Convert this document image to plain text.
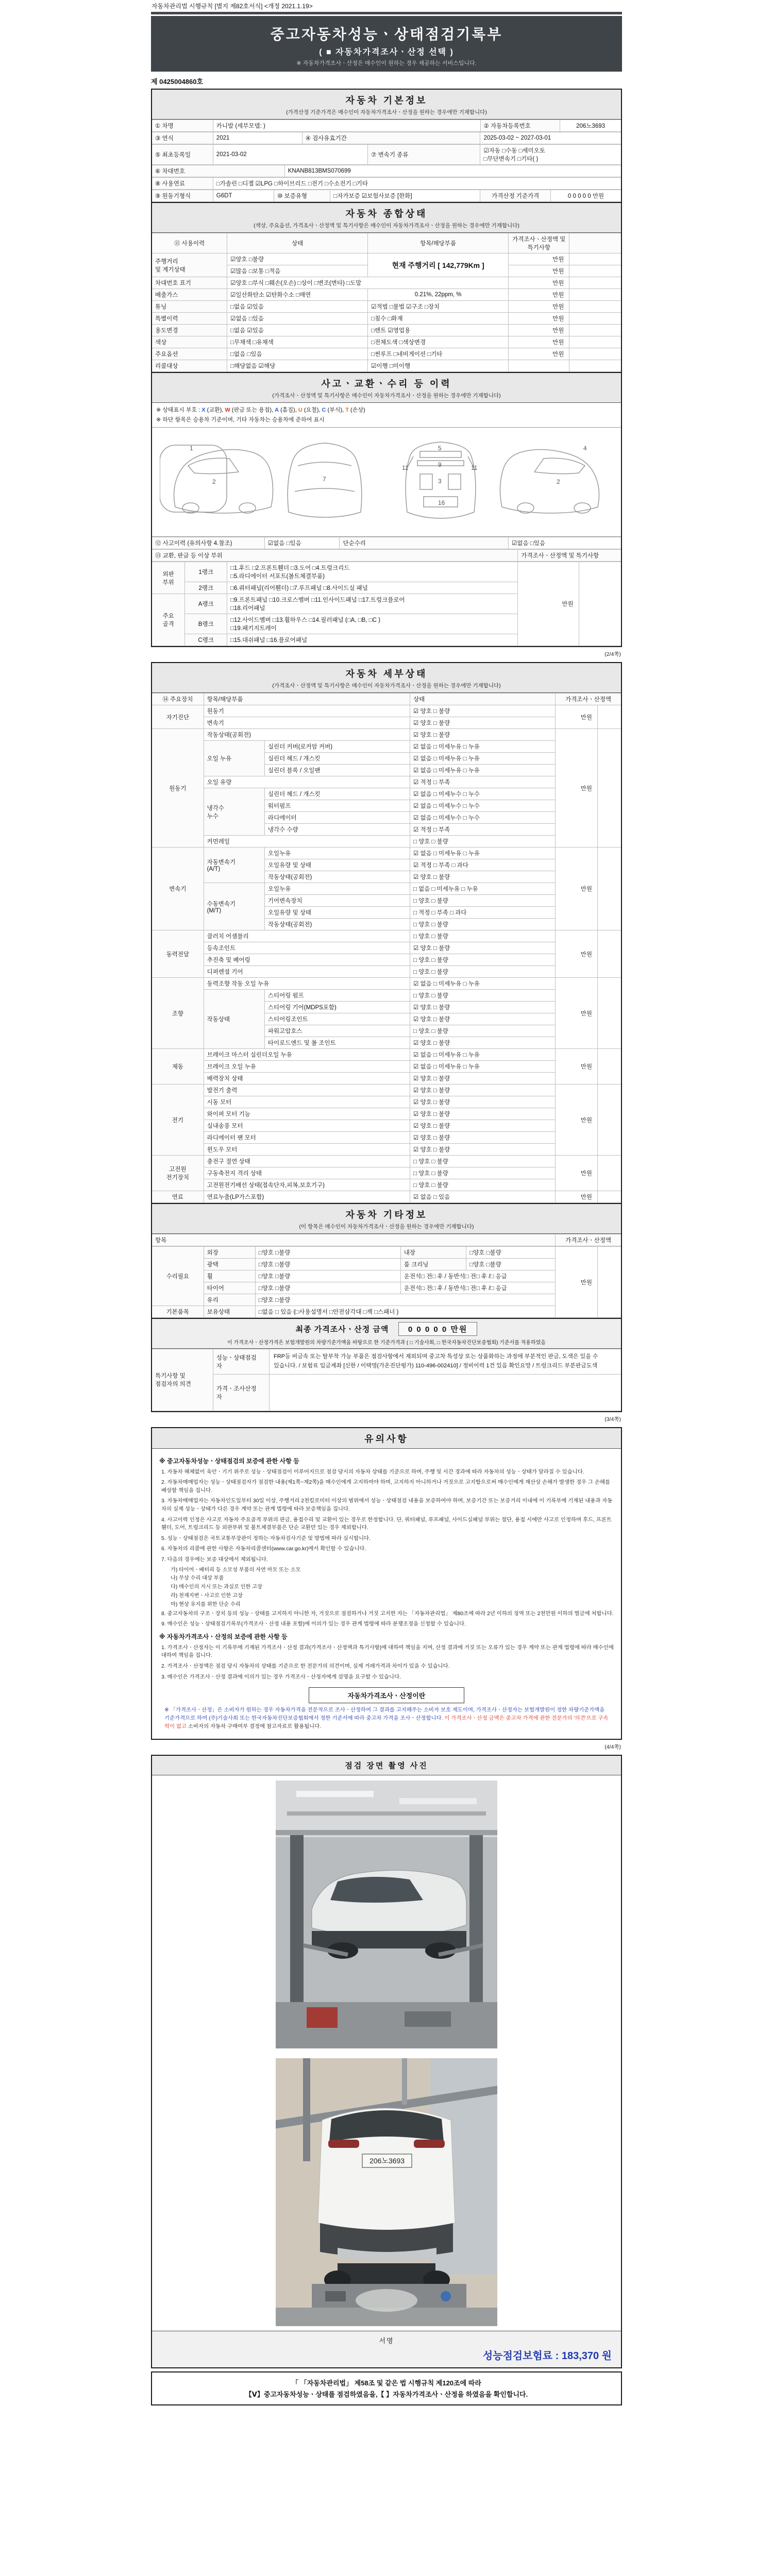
자동차관리법 시행규칙 [별지 제82호서식] <개정 2021.1.19>
중고자동차성능ㆍ상태점검기록부
( ■ 자동차가격조사ㆍ산정 선택 )
※ 자동차가격조사ㆍ산정은 매수인이 원하는 경우 제공하는 서비스입니다.
제 0425004860호
자동차 기본정보
(가격산정 기준가격은 매수인이 자동차가격조사ㆍ산정을 원하는 경우에만 기재합니다)
① 차명	카니발 (세부모델: )	② 자동차등록번호	206노3693
③ 연식	2021	④ 검사유효기간	2025-03-02 ~ 2027-03-01
⑤ 최초등록일	2021-03-02	⑦ 변속기 종류	☑자동 □수동 □세미오토
□무단변속기 □기타( )
⑥ 차대번호	KNANB813BMS070699
⑧ 사용연료	□가솔린 □디젤 ☑LPG □하이브리드 □전기 □수소전기 □기타
⑨ 원동기형식	G6DT	⑩ 보증유형	□자가보증 ☑보험사보증 [한화]	가격산정 기준가격	0 0 0 0 0 만원
자동차 종합상태
(색상, 주요옵션, 가격조사ㆍ산정액 및 특기사항은 매수인이 자동차가격조사ㆍ산정을 원하는 경우에만 기재합니다)
⑪ 사용이력	상태	항목/해당부품	가격조사ㆍ산정액 및 특기사항	
주행거리
및 계기상태	☑양호 □불량	현재 주행거리 [ 142,779Km ]	만원	
	☑많음 □보통 □적음		만원	
차대번호 표기	☑양호 □부식 □훼손(오손) □상이 □변조(변타) □도말		만원	
배출가스	☑일산화탄소 ☑탄화수소 □매연	0.21%, 22ppm, %	만원	
튜닝	□없음 ☑있음	☑적법 □불법 ☑구조 □장치	만원	
특별이력	☑없음 □있음	□침수 □화재	만원	
용도변경	□없음 ☑있음	□렌트 ☑영업용	만원	
색상	□무채색 □유채색	□전체도색 □색상변경	만원	
주요옵션	□없음 □있음	□썬루프 □네비게이션 □기타	만원	
리콜대상	□해당없음 ☑해당	☑이행 □미이행		
사고ㆍ교환ㆍ수리 등 이력
(가격조사ㆍ산정액 및 특기사항은 매수인이 자동차가격조사ㆍ산정을 원하는 경우에만 기재합니다)
※ 상태표시 부호 : X (교환), W (판금 또는 용접), A (흠집), U (요철), C (부식), T (손상)
※ 하단 항목은 승용차 기준이며, 기타 자동차는 승용차에 준하여 표시
2
1
7
11	11
5
9
3
16
2
4
⑫ 사고이력 (유의사항 4.참조)	☑없음 □있음	단순수리	☑없음 □있음
⑬ 교환, 판금 등 이상 부위	가격조사ㆍ산정액 및 특기사항
외판
부위	1랭크	□1.후드 □2.프론트휀더 □3.도어 □4.트렁크리드
□5.라디에이터 서포트(볼트체결부품)	만원	
	2랭크	□6.쿼터패널(리어휀더) □7.루프패널 □8.사이드실 패널		
주요
골격	A랭크	□9.프론트패널 □10.크로스멤버 □11.인사이드패널 □17.트렁크플로어
□18.리어패널		
	B랭크	□12.사이드멤버 □13.휠하우스 □14.필러패널 (□A, □B, □C )
□19.패키지트레이		
	C랭크	□15.대쉬패널 □16.플로어패널		
(2/4쪽)
자동차 세부상태
(가격조사ㆍ산정액 및 특기사항은 매수인이 자동차가격조사ㆍ산정을 원하는 경우에만 기재합니다)
⑭ 주요장치	항목/해당부품		상태	가격조사ㆍ산정액	
자기진단	원동기		☑ 양호 □ 불량	만원	
	변속기		☑ 양호 □ 불량		
원동기	작동상태(공회전)		☑ 양호 □ 불량	만원	
	오일 누유	실린더 커버(로커암 커버)	☑ 없음 □ 미세누유 □ 누유		
		실린더 헤드 / 개스킷	☑ 없음 □ 미세누유 □ 누유		
		실린더 블록 / 오일팬	☑ 없음 □ 미세누유 □ 누유		
	오일 유량		☑ 적정 □ 부족		
	냉각수
누수	실린더 헤드 / 개스킷	☑ 없음 □ 미세누수 □ 누수		
		워터펌프	☑ 없음 □ 미세누수 □ 누수		
		라디에이터	☑ 없음 □ 미세누수 □ 누수		
		냉각수 수량	☑ 적정 □ 부족		
	커먼레일		□ 양호 □ 불량		
변속기	자동변속기
(A/T)	오일누유	☑ 없음 □ 미세누유 □ 누유	만원	
		오일유량 및 상태	☑ 적정 □ 부족 □ 과다		
		작동상태(공회전)	☑ 양호 □ 불량		
	수동변속기
(M/T)	오일누유	□ 없음 □ 미세누유 □ 누유		
		기어변속장치	□ 양호 □ 불량		
		오일유량 및 상태	□ 적정 □ 부족 □ 과다		
		작동상태(공회전)	□ 양호 □ 불량		
동력전달	클러치 어셈블리		□ 양호 □ 불량	만원	
	등속조인트		☑ 양호 □ 불량		
	추진축 및 베어링		□ 양호 □ 불량		
	디퍼렌셜 기어		□ 양호 □ 불량		
조향	동력조향 작동 오일 누유		☑ 없음 □ 미세누유 □ 누유	만원	
	작동상태	스티어링 펌프	□ 양호 □ 불량		
		스티어링 기어(MDPS포함)	☑ 양호 □ 불량		
		스티어링조인트	☑ 양호 □ 불량		
		파워고압호스	□ 양호 □ 불량		
		타이로드엔드 및 볼 조인트	☑ 양호 □ 불량		
제동	브레이크 마스터 실린더오일 누유		☑ 없음 □ 미세누유 □ 누유	만원	
	브레이크 오일 누유		☑ 없음 □ 미세누유 □ 누유		
	배력장치 상태		☑ 양호 □ 불량		
전기	발전기 출력		☑ 양호 □ 불량	만원	
	시동 모터		☑ 양호 □ 불량		
	와이퍼 모터 기능		☑ 양호 □ 불량		
	실내송풍 모터		☑ 양호 □ 불량		
	라디에이터 팬 모터		☑ 양호 □ 불량		
	윈도우 모터		☑ 양호 □ 불량		
고전원
전기장치	충전구 절연 상태		□ 양호 □ 불량	만원	
	구동축전지 격리 상태		□ 양호 □ 불량		
	고전원전기배선 상태(접속단자,피복,보호기구)		□ 양호 □ 불량		
연료	연료누출(LP가스포함)		☑ 없음 □ 있음	만원	
자동차 기타정보
(이 항목은 매수인이 자동차가격조사ㆍ산정을 원하는 경우에만 기재합니다)
항목	가격조사ㆍ산정액
수리필요	외장	□양호 □불량	내장	□양호 □불량	만원	
	광택	□양호 □불량	룸 크리닝	□양호 □불량		
	휠	□양호 □불량	운전석□ 전□ 후 / 동반석□ 전□ 후 /□ 응급			
	타이어	□양호 □불량	운전석□ 전□ 후 / 동반석□ 전□ 후 /□ 응급			
	유리	□양호 □불량				
기본품목	보유상태	□없음 □ 있음 (□사용설명서 □안전삼각대 □잭 □스패너 )				
최종 가격조사ㆍ산정 금액 0 0 0 0 0 만원
이 가격조사ㆍ산정가격은 보험개발원의 차량기준가액을 바탕으로 한 기준가격과 ( □ 기술사회, □ 한국자동차진단보증협회) 기준서를 적용하였음
특기사항 및
점검자의 의견	성능ㆍ상태점검
자	FRP등 비금속 또는 탈부착 가능 부품은 점검사항에서 제외되며 중고차 특성상 또는 상품화하는 과정에 부분적인 판금, 도색은 있을 수 있습니다. / 보험료 입금계좌 [신한 / 이택영(가온진단평가) 110-496-002410] / 정비이력 1건 있음 확인요망 / 트렁크리드 부분판금도색
	가격ㆍ조사산정
자	
(3/4쪽)
유의사항
※ 중고자동차성능ㆍ상태점검의 보증에 관한 사항 등
1. 자동차 해체없이 육안ㆍ기기 위주로 성능ㆍ상태점검이 이루어지므로 점검 당시의 자동차 상태를 기준으로 하며, 주행 및 시간 경과에 따라 자동차의 성능ㆍ상태가 달라질 수 있습니다.
2. 자동차매매업자는 성능ㆍ상태점검자가 점검한 내용(제1쪽~제2쪽)을 매수인에게 고지하여야 하며, 고지하지 아니하거나 거짓으로 고지함으로써 매수인에게 재산상 손해가 발생한 경우 그 손해를 배상할 책임을 집니다.
3. 자동차매매업자는 자동차인도일부터 30일 이상, 주행거리 2천킬로미터 이상의 범위에서 성능ㆍ상태점검 내용을 보증하여야 하며, 보증기간 또는 보증거리 이내에 이 기록부에 기재된 내용과 자동차의 실제 성능ㆍ상태가 다른 경우 계약 또는 관계 법령에 따라 보증책임을 집니다.
4. 사고이력 인정은 사고로 자동차 주요골격 부위의 판금, 용접수리 및 교환이 있는 경우로 한정합니다. 단, 쿼터패널, 루프패널, 사이드실패널 부위는 절단, 용접 시에만 사고로 인정하며 후드, 프론트휀더, 도어, 트렁크리드 등 외판부위 및 볼트체결부품은 단순 교환만 있는 경우 제외합니다.
5. 성능ㆍ상태점검은 국토교통부장관이 정하는 자동차검사기준 및 방법에 따라 실시합니다.
6. 자동차의 리콜에 관한 사항은 자동차리콜센터(www.car.go.kr)에서 확인할 수 있습니다.
7. 다음의 경우에는 보증 대상에서 제외됩니다.
가) 타이어ㆍ배터리 등 소모성 부품의 자연 마모 또는 소모
나) 무상 수리 대상 부품
다) 매수인의 지시 또는 과실로 인한 고장
라) 천재지변ㆍ사고로 인한 고장
마) 현상 유지를 위한 단순 수리
8. 중고자동차의 구조ㆍ장치 등의 성능ㆍ상태를 고지하지 아니한 자, 거짓으로 점검하거나 거짓 고지한 자는 「자동차관리법」 제80조에 따라 2년 이하의 징역 또는 2천만원 이하의 벌금에 처합니다.
9. 매수인은 성능ㆍ상태점검기록부(가격조사ㆍ산정 내용 포함)에 이의가 있는 경우 관계 법령에 따라 분쟁조정을 신청할 수 있습니다.
※ 자동차가격조사ㆍ산정의 보증에 관한 사항 등
1. 가격조사ㆍ산정자는 이 기록부에 기재된 가격조사ㆍ산정 결과(가격조사ㆍ산정액과 특기사항)에 대하여 책임을 지며, 산정 결과에 거짓 또는 오류가 있는 경우 계약 또는 관계 법령에 따라 매수인에 대하여 책임을 집니다.
2. 가격조사ㆍ산정액은 점검 당시 자동차의 상태를 기준으로 한 전문가의 의견이며, 실제 거래가격과 차이가 있을 수 있습니다.
3. 매수인은 가격조사ㆍ산정 결과에 이의가 있는 경우 가격조사ㆍ산정자에게 설명을 요구할 수 있습니다.
자동차가격조사ㆍ산정이란
※ 「가격조사ㆍ산정」은 소비자가 원하는 경우 자동차가격을 전문적으로 조사ㆍ산정하여 그 결과를 고지해주는 소비자 보호 제도이며, 가격조사ㆍ산정자는 보험개발원이 정한 차량기준가액을 기준가격으로 하여 (주)기술사회 또는 한국자동차진단보증협회에서 정한 기준서에 따라 중고차 가격을 조사ㆍ산정합니다. 이 가격조사ㆍ산정 금액은 중고차 가격에 관한 전문가의 '의견'으로 구속력이 없고 소비자의 자동차 구매여부 결정에 참고자료로 활용됩니다.
(4/4쪽)
점검 장면 촬영 사진
206노3693
서명
성능점검보험료 : 183,370 원
「 「자동차관리법」 제58조 및 같은 법 시행규칙 제120조에 따라
【Ⅴ】중고자동차성능ㆍ상태를 점검하였음을,【 】자동차가격조사ㆍ산정을 하였음을 확인합니다.
